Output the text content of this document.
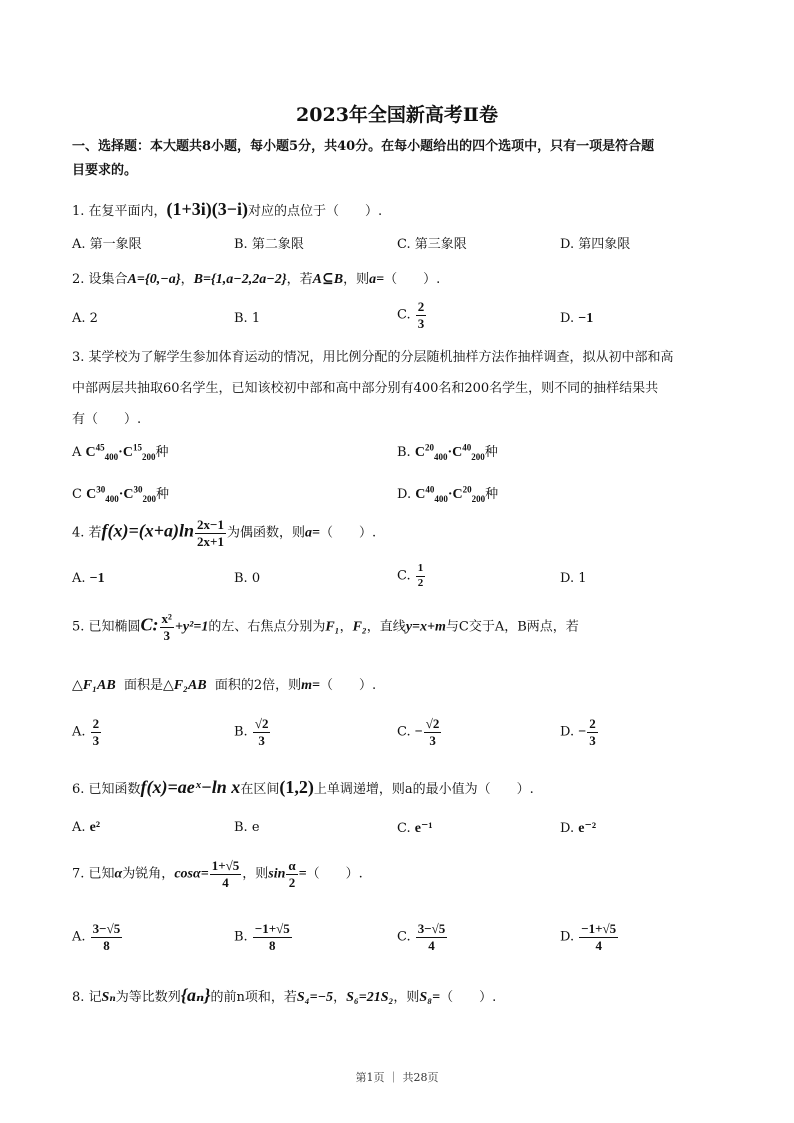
2023年全国新高考Ⅱ卷
一、选择题：本大题共8小题，每小题5分，共40分。在每小题给出的四个选项中，只有一项是符合题
目要求的。
1. 在复平面内，(1+3i)(3−i)对应的点位于（　　）.
A. 第一象限	B. 第二象限	C. 第三象限	D. 第四象限
2. 设集合A={0,−a}，B={1,a−2,2a−2}，若A⊆B，则a=（　　）.
A. 2	B. 1	C. $\frac{2}{3}$	D. −1
3. 某学校为了解学生参加体育运动的情况，用比例分配的分层随机抽样方法作抽样调查，拟从初中部和高
中部两层共抽取60名学生，已知该校初中部和高中部分别有400名和200名学生，则不同的抽样结果共
有（　　）.
A $C^{45}_{400}\cdot C^{15}_{200}$种	B. $C^{20}_{400}\cdot C^{40}_{200}$种
C $C^{30}_{400}\cdot C^{30}_{200}$种	D. $C^{40}_{400}\cdot C^{20}_{200}$种
4. 若$f(x)=(x+a)\ln \frac{2x-1}{2x+1}$ 为偶函数，则a=（　　）.
A. −1	B. 0	C. $\frac{1}{2}$	D. 1
5. 已知椭圆C: $\frac{\text{x²}}{3} +y^2=1$的左、右焦点分别为F₁，F₂，直线y=x+m与C交于A，B两点，若
△F₁AB 面积是△F₂AB 面积的2倍，则m=（　　）.
A. $\frac{2}{3}$	B. $\frac{√2}{3}$	C. − $\frac{√2}{3}$	D. − $\frac{2}{3}$
6. 已知函数f(x)=aeˣ−ln x在区间(1,2)上单调递增，则a的最小值为（　　）.
A. e²	B. e	C. e⁻¹	D. e⁻²
7. 已知α为锐角，$\cos\alpha= \frac{1+√5}{4}$ ，则$\sin \frac{\alpha}{2}$ =（　　）.
A. $\frac{3-√5}{8}$	B. $\frac{-1+√5}{8}$	C. $\frac{3-√5}{4}$	D. $\frac{-1+√5}{4}$
8. 记Sₙ为等比数列{aₙ}的前n项和，若S₄=−5，S₆=21S₂，则S₈=（　　）.
第1页 ｜ 共28页
